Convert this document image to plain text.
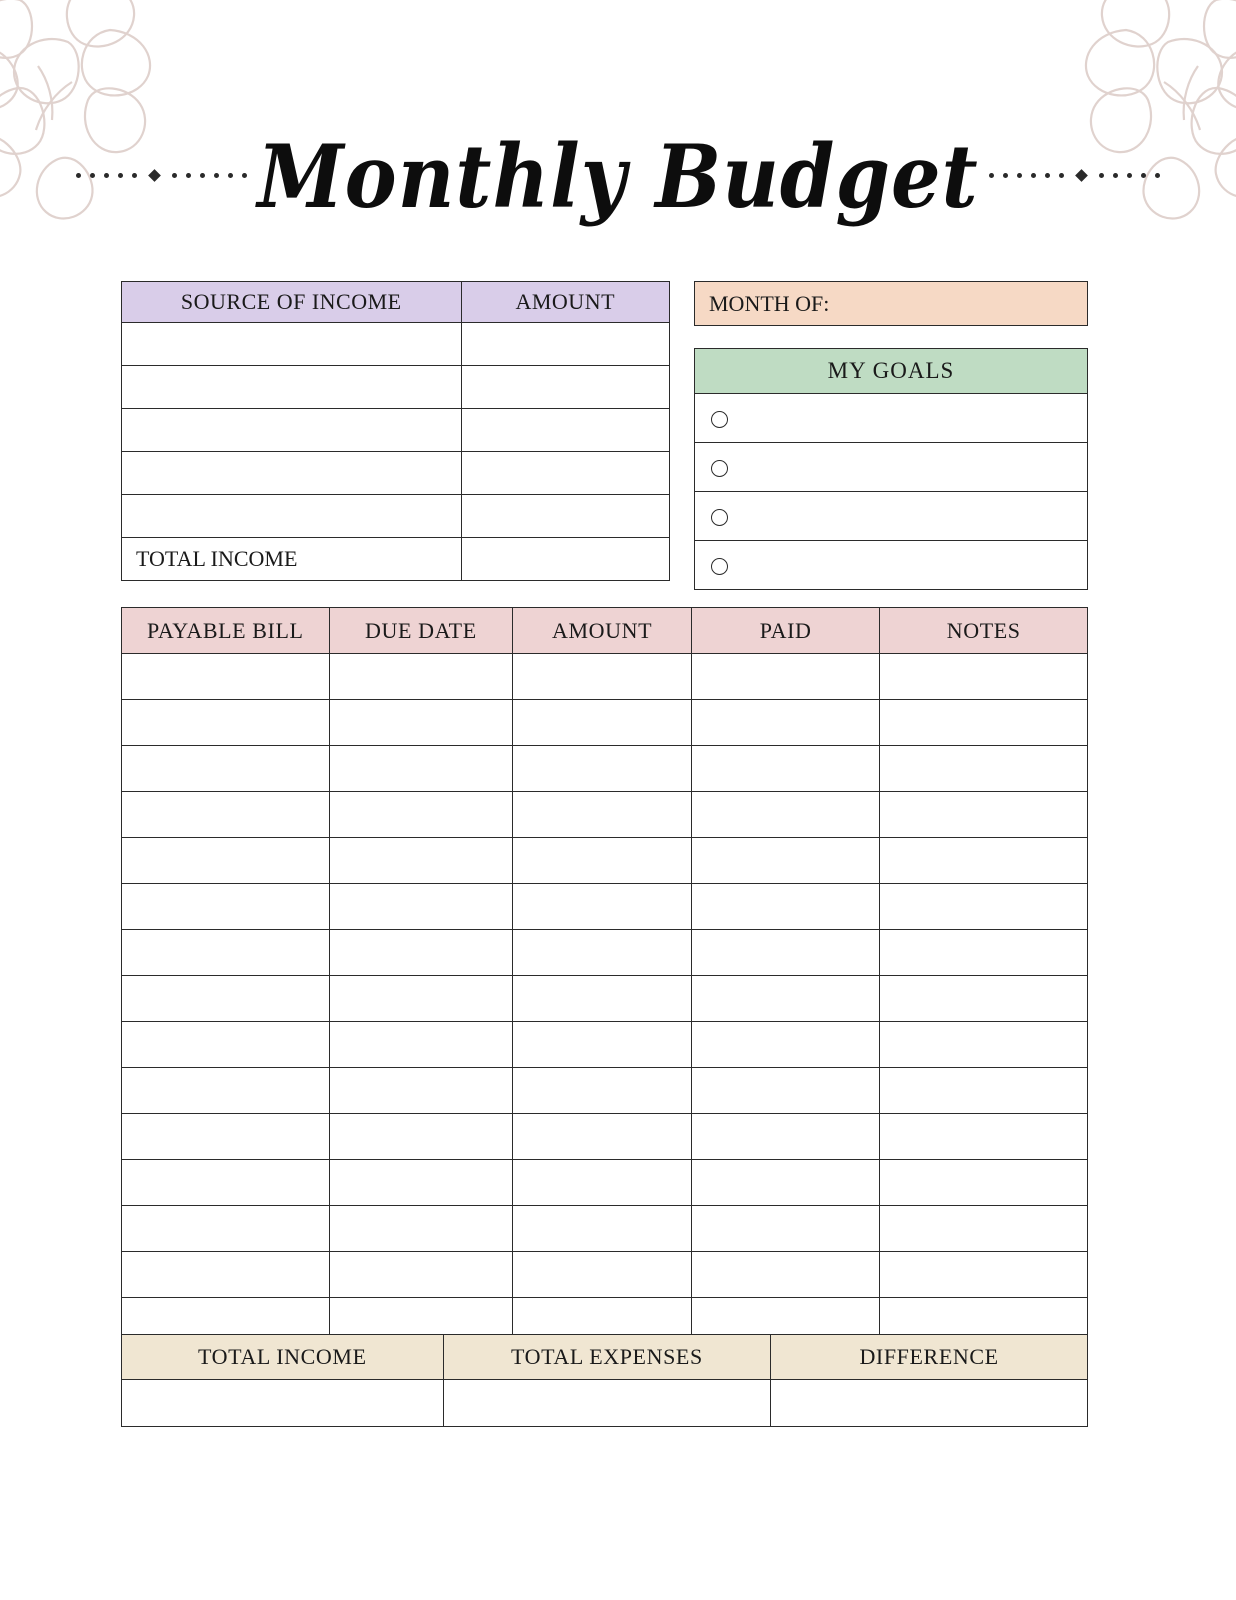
Monthly Budget
SOURCE OF INCOME	AMOUNT

TOTAL INCOME	
MONTH OF:
MY GOALS

PAYABLE BILL	DUE DATE	AMOUNT	PAID	NOTES

TOTAL INCOME	TOTAL EXPENSES	DIFFERENCE
